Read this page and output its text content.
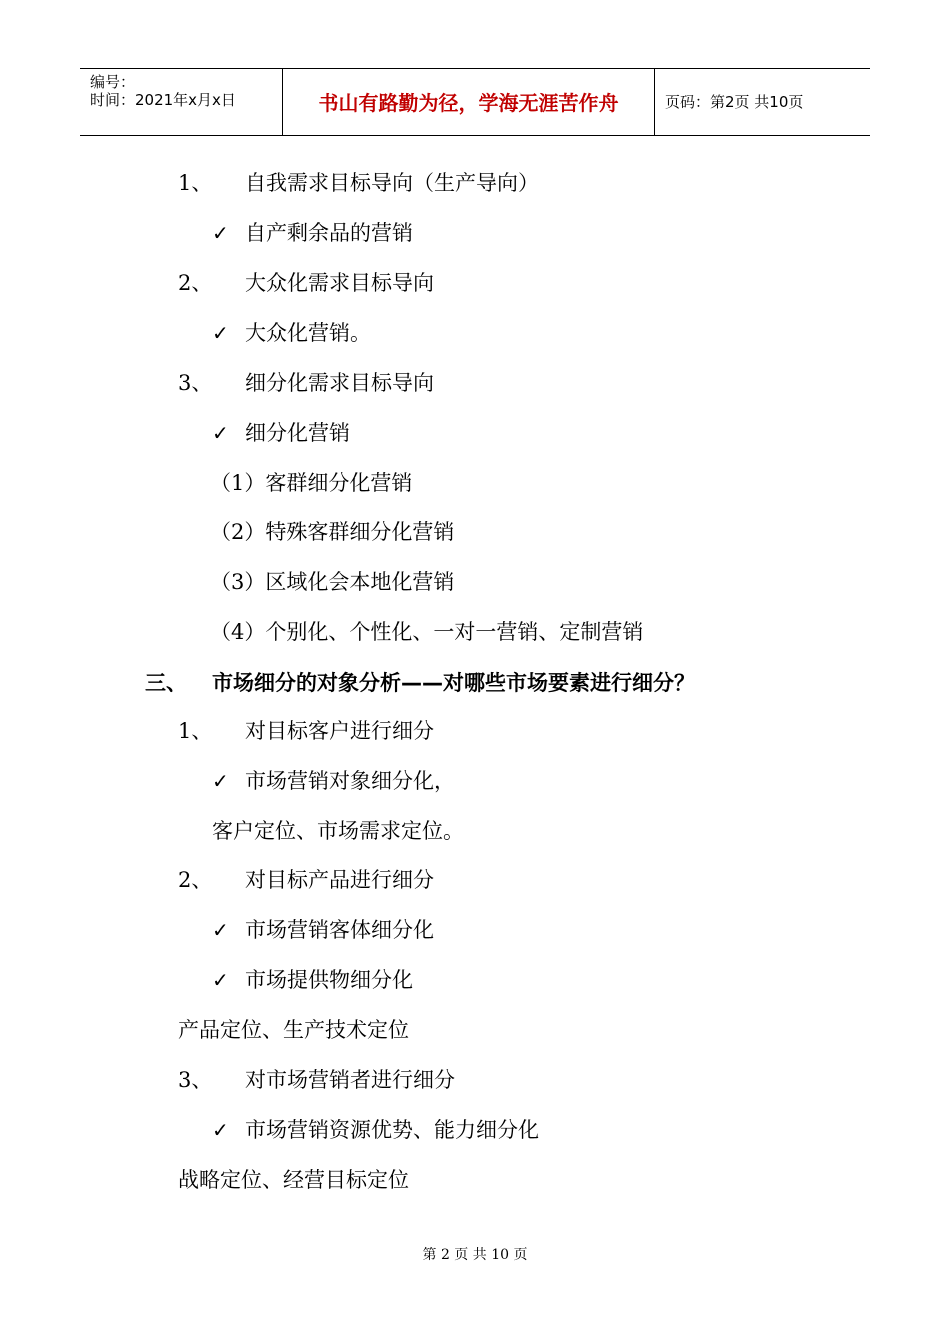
编号：
时间：2021年x月x日	书山有路勤为径，学海无涯苦作舟	页码：第2页 共10页
1、 自我需求目标导向（生产导向）
✓ 自产剩余品的营销
2、 大众化需求目标导向
✓ 大众化营销。
3、 细分化需求目标导向
✓ 细分化营销
（1）客群细分化营销
（2）特殊客群细分化营销
（3）区域化会本地化营销
（4）个别化、个性化、一对一营销、定制营销
三、 市场细分的对象分析——对哪些市场要素进行细分？
1、 对目标客户进行细分
✓ 市场营销对象细分化，
客户定位、市场需求定位。
2、 对目标产品进行细分
✓ 市场营销客体细分化
✓ 市场提供物细分化
产品定位、生产技术定位
3、 对市场营销者进行细分
✓ 市场营销资源优势、能力细分化
战略定位、经营目标定位
第 2 页 共 10 页
